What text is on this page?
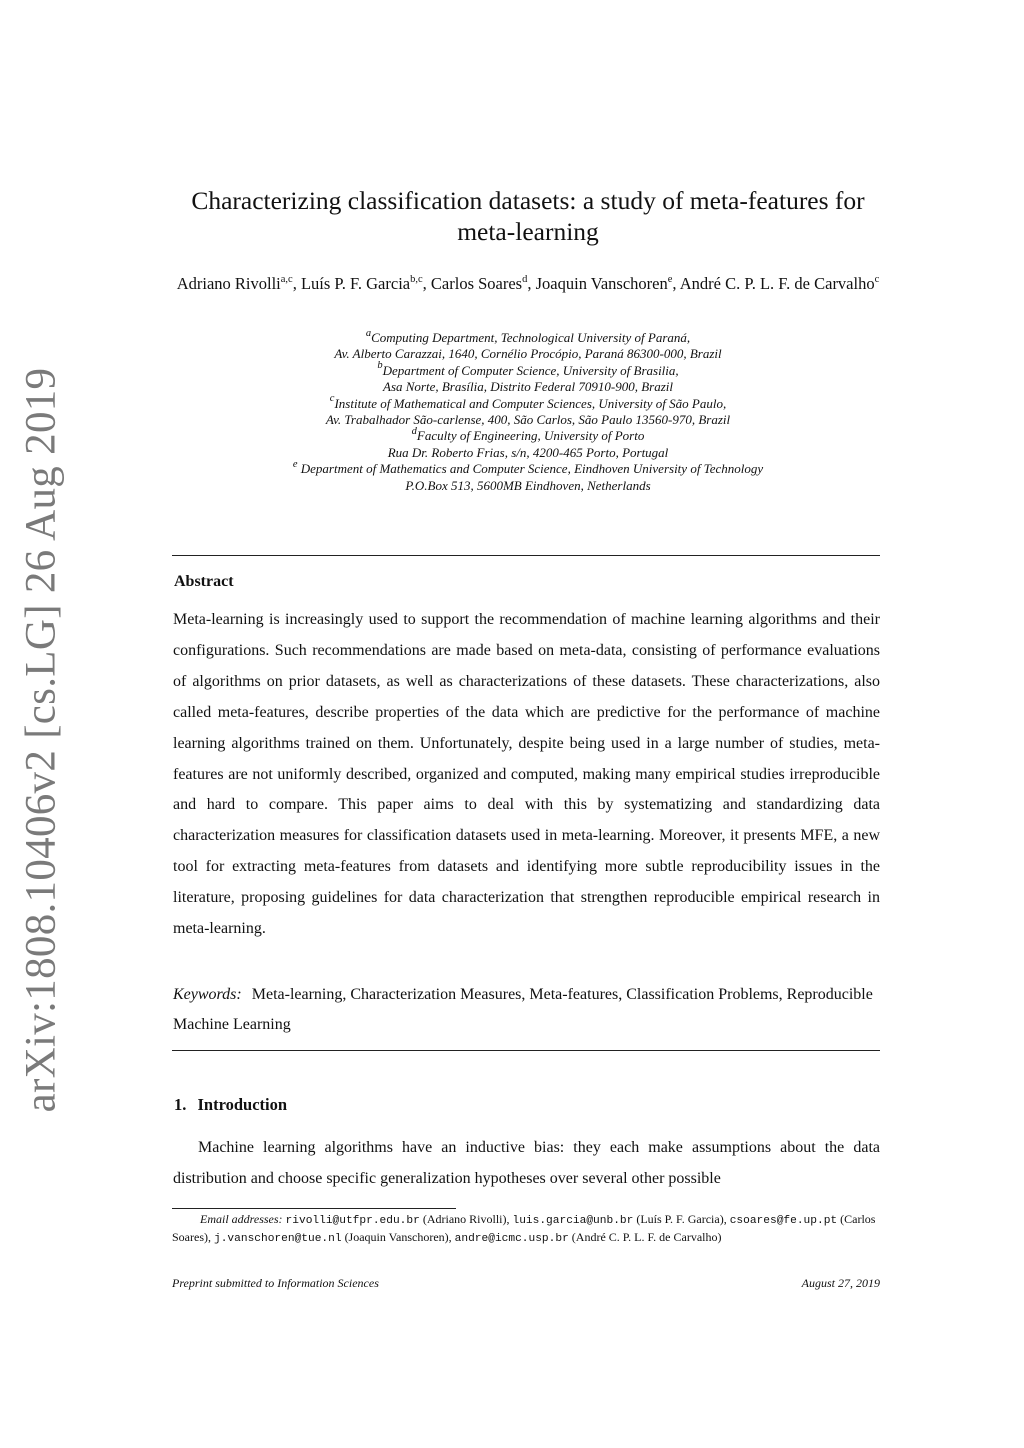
arXiv:1808.10406v2 [cs.LG] 26 Aug 2019
Characterizing classification datasets: a study of meta-features for
meta-learning
Adriano Rivolli$^{a,c}$, Luís P. F. Garcia$^{b,c}$, Carlos Soares$^d$, Joaquin Vanschoren$^e$, André C. P. L. F. de Carvalho$^c$
$^a$Computing Department, Technological University of Paraná,
Av. Alberto Carazzai, 1640, Cornélio Procópio, Paraná 86300-000, Brazil
$^b$Department of Computer Science, University of Brasilia,
Asa Norte, Brasília, Distrito Federal 70910-900, Brazil
$^c$Institute of Mathematical and Computer Sciences, University of São Paulo,
Av. Trabalhador São-carlense, 400, São Carlos, São Paulo 13560-970, Brazil
$^d$Faculty of Engineering, University of Porto
Rua Dr. Roberto Frias, s/n, 4200-465 Porto, Portugal
$^e$ Department of Mathematics and Computer Science, Eindhoven University of Technology
P.O.Box 513, 5600MB Eindhoven, Netherlands
Abstract
Meta-learning is increasingly used to support the recommendation of machine learning algorithms and their configurations. Such recommendations are made based on meta-data, consisting of performance evaluations of algorithms on prior datasets, as well as characterizations of these datasets. These characterizations, also called meta-features, describe properties of the data which are predictive for the performance of machine learning algorithms trained on them. Unfortunately, despite being used in a large number of studies, meta-features are not uniformly described, organized and computed, making many empirical studies irreproducible and hard to compare. This paper aims to deal with this by systematizing and standardizing data characterization measures for classification datasets used in meta-learning. Moreover, it presents MFE, a new tool for extracting meta-features from datasets and identifying more subtle reproducibility issues in the literature, proposing guidelines for data characterization that strengthen reproducible empirical research in meta-learning.
Keywords: Meta-learning, Characterization Measures, Meta-features, Classification Problems, Reproducible Machine Learning
1. Introduction
Machine learning algorithms have an inductive bias: they each make assumptions about the data distribution and choose specific generalization hypotheses over several other possible
Email addresses: rivolli@utfpr.edu.br (Adriano Rivolli), luis.garcia@unb.br (Luís P. F. Garcia), csoares@fe.up.pt (Carlos Soares), j.vanschoren@tue.nl (Joaquin Vanschoren), andre@icmc.usp.br (André C. P. L. F. de Carvalho)
Preprint submitted to Information Sciences	August 27, 2019
